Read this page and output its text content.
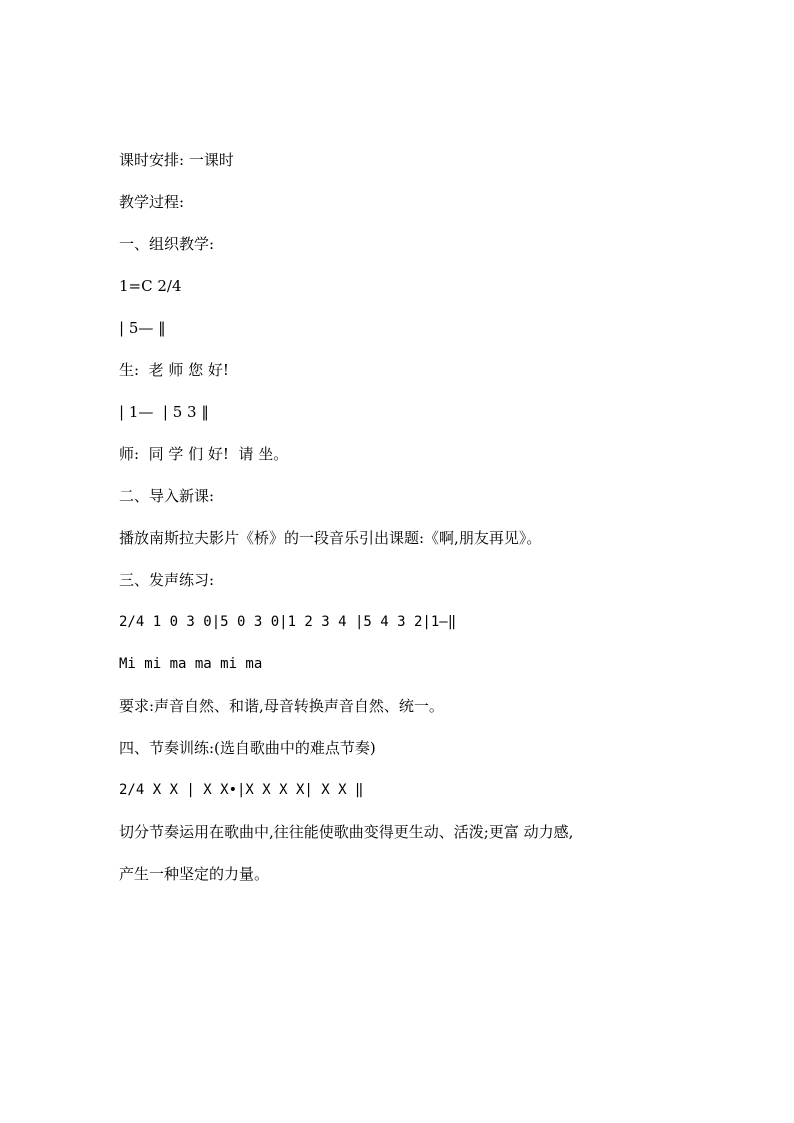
课时安排: 一课时
教学过程:
一、组织教学:
1=C 2/4
| 5— ‖
生:  老 师 您 好!
| 1—  | 5 3 ‖
师:  同 学 们 好!  请 坐。
二、导入新课:
播放南斯拉夫影片《桥》的一段音乐引出课题:《啊,朋友再见》。
三、发声练习:
2/4 1 0 3 0|5 0 3 0|1 2 3 4 |5 4 3 2|1—‖
Mi mi ma ma mi ma
要求:声音自然、和谐,母音转换声音自然、统一。
四、节奏训练:(选自歌曲中的难点节奏)
2/4 X X | X X•|X X X X| X X ‖
切分节奏运用在歌曲中,往往能使歌曲变得更生动、活泼;更富 动力感,
产生一种坚定的力量。
